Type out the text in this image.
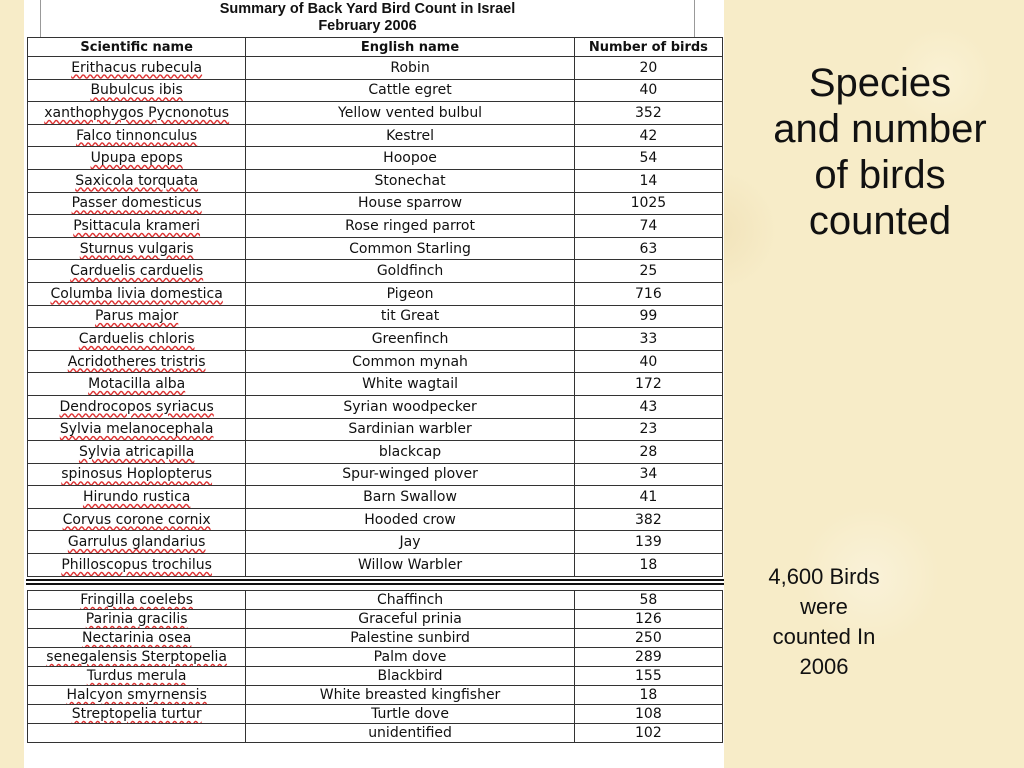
Summary of Back Yard Bird Count in Israel
February 2006
Scientific name	English name	Number of birds
Erithacus rubecula	Robin	20
Bubulcus ibis	Cattle egret	40
xanthophygos Pycnonotus	Yellow vented bulbul	352
Falco tinnonculus	Kestrel	42
Upupa epops	Hoopoe	54
Saxicola torquata	Stonechat	14
Passer domesticus	House sparrow	1025
Psittacula krameri	Rose ringed parrot	74
Sturnus vulgaris	Common Starling	63
Carduelis carduelis	Goldfinch	25
Columba livia domestica	Pigeon	716
Parus major	tit Great	99
Carduelis chloris	Greenfinch	33
Acridotheres tristris	Common mynah	40
Motacilla alba	White wagtail	172
Dendrocopos syriacus	Syrian woodpecker	43
Sylvia melanocephala	Sardinian warbler	23
Sylvia atricapilla	blackcap	28
spinosus Hoplopterus	Spur-winged plover	34
Hirundo rustica	Barn Swallow	41
Corvus corone cornix	Hooded crow	382
Garrulus glandarius	Jay	139
Philloscopus trochilus	Willow Warbler	18
Fringilla coelebs	Chaffinch	58
Parinia gracilis	Graceful prinia	126
Nectarinia osea	Palestine sunbird	250
senegalensis Sterptopelia	Palm dove	289
Turdus merula	Blackbird	155
Halcyon smyrnensis	White breasted kingfisher	18
Streptopelia turtur	Turtle dove	108
	unidentified	102
Species
and number
of birds
counted
4,600 Birds
were
counted In
2006
